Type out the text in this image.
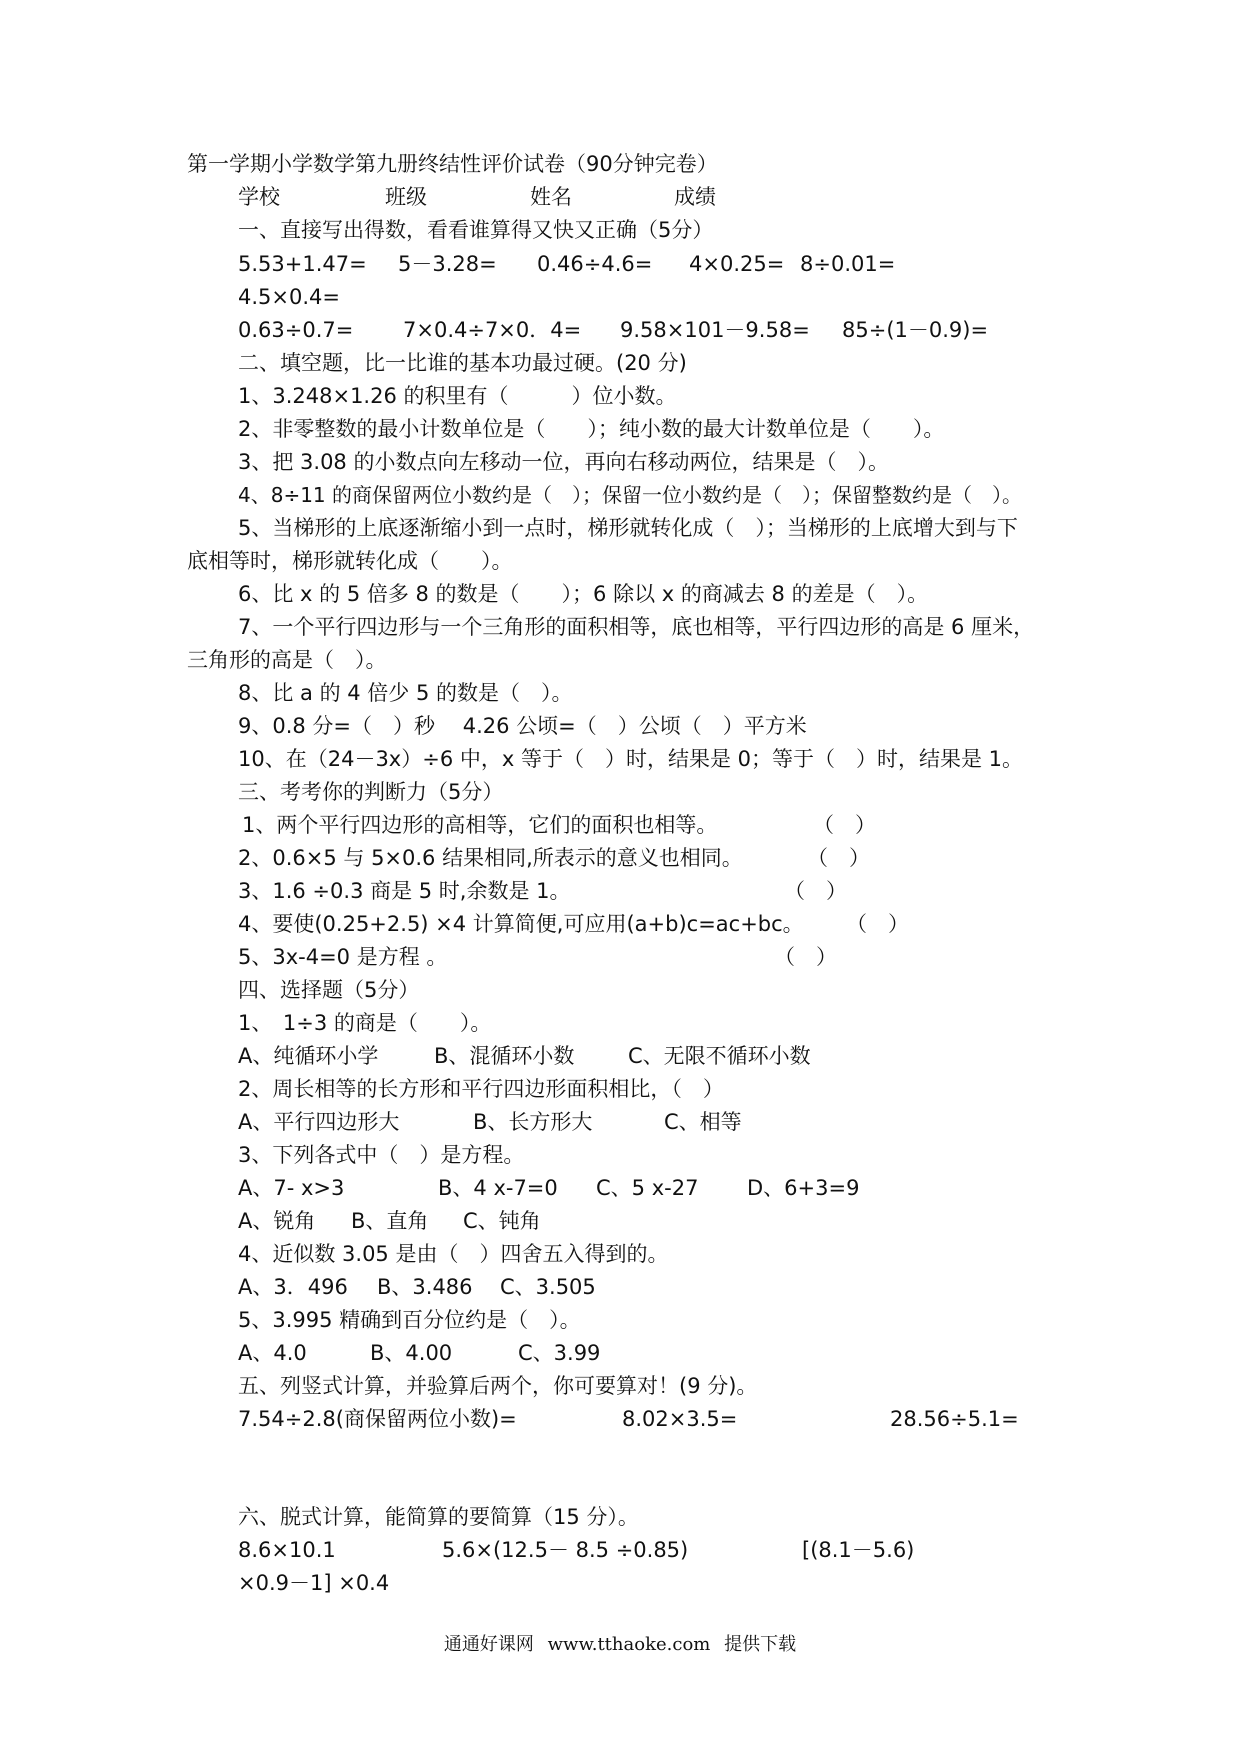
第一学期小学数学第九册终结性评价试卷（90分钟完卷）
学校	班级	姓名	成绩
一、直接写出得数，看看谁算得又快又正确（5分）
5.53+1.47= 5－3.28= 0.46÷4.6= 4×0.25= 8÷0.01=
4.5×0.4=
0.63÷0.7= 7×0.4÷7×0．4= 9.58×101－9.58= 85÷(1－0.9)=
二、填空题，比一比谁的基本功最过硬。(20 分)
1、3.248×1.26 的积里有（　　　）位小数。
2、非零整数的最小计数单位是（　　）；纯小数的最大计数单位是（　　）。
3、把 3.08 的小数点向左移动一位，再向右移动两位，结果是（　）。
4、8÷11 的商保留两位小数约是（　）；保留一位小数约是（　）；保留整数约是（　）。
5、当梯形的上底逐渐缩小到一点时，梯形就转化成（　）；当梯形的上底增大到与下
底相等时，梯形就转化成（　　）。
6、比 x 的 5 倍多 8 的数是（　　）；6 除以 x 的商减去 8 的差是（　）。
7、一个平行四边形与一个三角形的面积相等，底也相等，平行四边形的高是 6 厘米，
三角形的高是（　）。
8、比 a 的 4 倍少 5 的数是（　）。
9、0.8 分=（　）秒　 4.26 公顷=（　）公顷（　）平方米
10、在（24－3x）÷6 中，x 等于（　）时，结果是 0；等于（　）时，结果是 1。
三、考考你的判断力（5分）
1、两个平行四边形的高相等，它们的面积也相等。	（　）
2、0.6×5 与 5×0.6 结果相同,所表示的意义也相同。	（　）
3、1.6 ÷0.3 商是 5 时,余数是 1。	（　）
4、要使(0.25+2.5) ×4 计算简便,可应用(a+b)c=ac+bc。 （　）
5、3x-4=0 是方程 。	（　）
四、选择题（5分）
1、　1÷3 的商是（　　）。
A、纯循环小学	B、混循环小数	C、无限不循环小数
2、周长相等的长方形和平行四边形面积相比，（　）
A、平行四边形大	B、长方形大	C、相等
3、下列各式中（　）是方程。
A、7- x>3	B、4 x-7=0 C、5 x-27 D、6+3=9
A、锐角 B、直角 C、钝角
4、近似数 3.05 是由（　）四舍五入得到的。
A、3．496 B、3.486 C、3.505
5、3.995 精确到百分位约是（　）。
A、4.0	B、4.00	C、3.99
五、列竖式计算，并验算后两个，你可要算对！(9 分)。
7.54÷2.8(商保留两位小数)=	8.02×3.5=	28.56÷5.1=
六、脱式计算，能简算的要简算（15 分）。
8.6×10.1	5.6×(12.5－ 8.5 ÷0.85)	[(8.1－5.6)
×0.9－1] ×0.4
通通好课网 www.tthaoke.com 提供下载
